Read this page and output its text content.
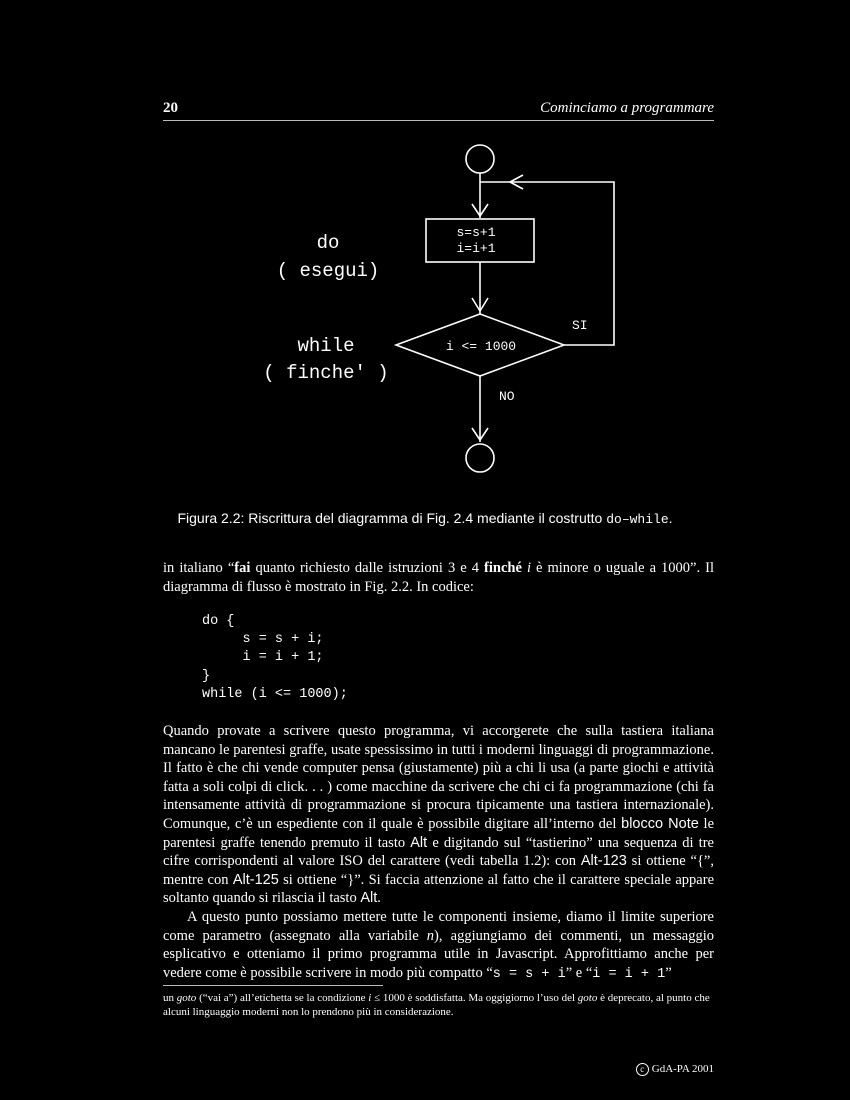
20	Cominciamo a programmare
do
( esegui)
while
( finche' )
s=s+1
i=i+1
i <= 1000
SI
NO
Figura 2.2: Riscrittura del diagramma di Fig. 2.4 mediante il costrutto do–while.
in italiano “fai quanto richiesto dalle istruzioni 3 e 4 finché i è minore o uguale a 1000”. Il diagramma di flusso è mostrato in Fig. 2.2. In codice:
do {
s = s + i;
i = i + 1;
}
while (i <= 1000);
Quando provate a scrivere questo programma, vi accorgerete che sulla tastiera italiana mancano le parentesi graffe, usate spessissimo in tutti i moderni linguaggi di programmazione. Il fatto è che chi vende computer pensa (giustamente) più a chi li usa (a parte giochi e attività fatta a soli colpi di click. . . ) come macchine da scrivere che chi ci fa programmazione (chi fa intensamente attività di programmazione si procura tipicamente una tastiera internazionale). Comunque, c’è un espediente con il quale è possibile digitare all’interno del blocco Note le parentesi graffe tenendo premuto il tasto Alt e digitando sul “tastierino” una sequenza di tre cifre corrispondenti al valore ISO del carattere (vedi tabella 1.2): con Alt-123 si ottiene “{”, mentre con Alt-125 si ottiene “}”. Si faccia attenzione al fatto che il carattere speciale appare soltanto quando si rilascia il tasto Alt.
A questo punto possiamo mettere tutte le componenti insieme, diamo il limite superiore come parametro (assegnato alla variabile n), aggiungiamo dei commenti, un messaggio esplicativo e otteniamo il primo programma utile in Javascript. Approfittiamo anche per vedere come è possibile scrivere in modo più compatto “s = s + i” e “i = i + 1”
un goto (“vai a”) all’etichetta se la condizione i ≤ 1000 è soddisfatta. Ma oggigiorno l’uso del goto è deprecato, al punto che alcuni linguaggio moderni non lo prendono più in considerazione.
c GdA-PA 2001
